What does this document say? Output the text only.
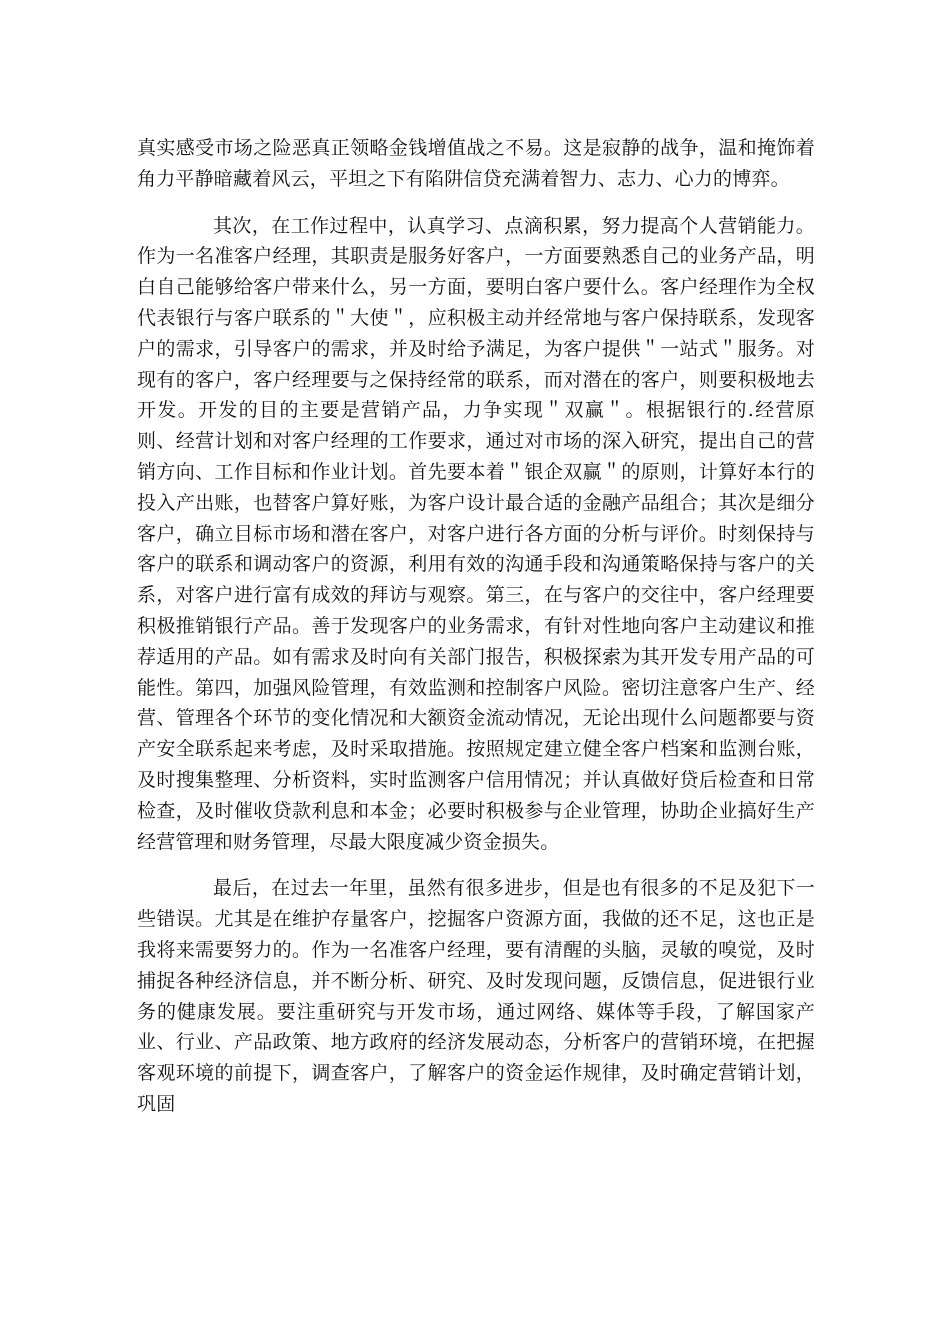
真实感受市场之险恶真正领略金钱增值战之不易。这是寂静的战争，温和掩饰着角力平静暗藏着风云，平坦之下有陷阱信贷充满着智力、志力、心力的博弈。

其次，在工作过程中，认真学习、点滴积累，努力提高个人营销能力。作为一名准客户经理，其职责是服务好客户，一方面要熟悉自己的业务产品，明白自己能够给客户带来什么，另一方面，要明白客户要什么。客户经理作为全权代表银行与客户联系的＂大使＂，应积极主动并经常地与客户保持联系，发现客户的需求，引导客户的需求，并及时给予满足，为客户提供＂一站式＂服务。对现有的客户，客户经理要与之保持经常的联系，而对潜在的客户，则要积极地去开发。开发的目的主要是营销产品，力争实现＂双赢＂。根据银行的.经营原则、经营计划和对客户经理的工作要求，通过对市场的深入研究，提出自己的营销方向、工作目标和作业计划。首先要本着＂银企双赢＂的原则，计算好本行的投入产出账，也替客户算好账，为客户设计最合适的金融产品组合；其次是细分客户，确立目标市场和潜在客户，对客户进行各方面的分析与评价。时刻保持与客户的联系和调动客户的资源，利用有效的沟通手段和沟通策略保持与客户的关系，对客户进行富有成效的拜访与观察。第三，在与客户的交往中，客户经理要积极推销银行产品。善于发现客户的业务需求，有针对性地向客户主动建议和推荐适用的产品。如有需求及时向有关部门报告，积极探索为其开发专用产品的可能性。第四，加强风险管理，有效监测和控制客户风险。密切注意客户生产、经营、管理各个环节的变化情况和大额资金流动情况，无论出现什么问题都要与资产安全联系起来考虑，及时采取措施。按照规定建立健全客户档案和监测台账，及时搜集整理、分析资料，实时监测客户信用情况；并认真做好贷后检查和日常检查，及时催收贷款利息和本金；必要时积极参与企业管理，协助企业搞好生产经营管理和财务管理，尽最大限度减少资金损失。

最后，在过去一年里，虽然有很多进步，但是也有很多的不足及犯下一些错误。尤其是在维护存量客户，挖掘客户资源方面，我做的还不足，这也正是我将来需要努力的。作为一名准客户经理，要有清醒的头脑，灵敏的嗅觉，及时捕捉各种经济信息，并不断分析、研究、及时发现问题，反馈信息，促进银行业务的健康发展。要注重研究与开发市场，通过网络、媒体等手段，了解国家产业、行业、产品政策、地方政府的经济发展动态，分析客户的营销环境，在把握客观环境的前提下，调查客户，了解客户的资金运作规律，及时确定营销计划，巩固
